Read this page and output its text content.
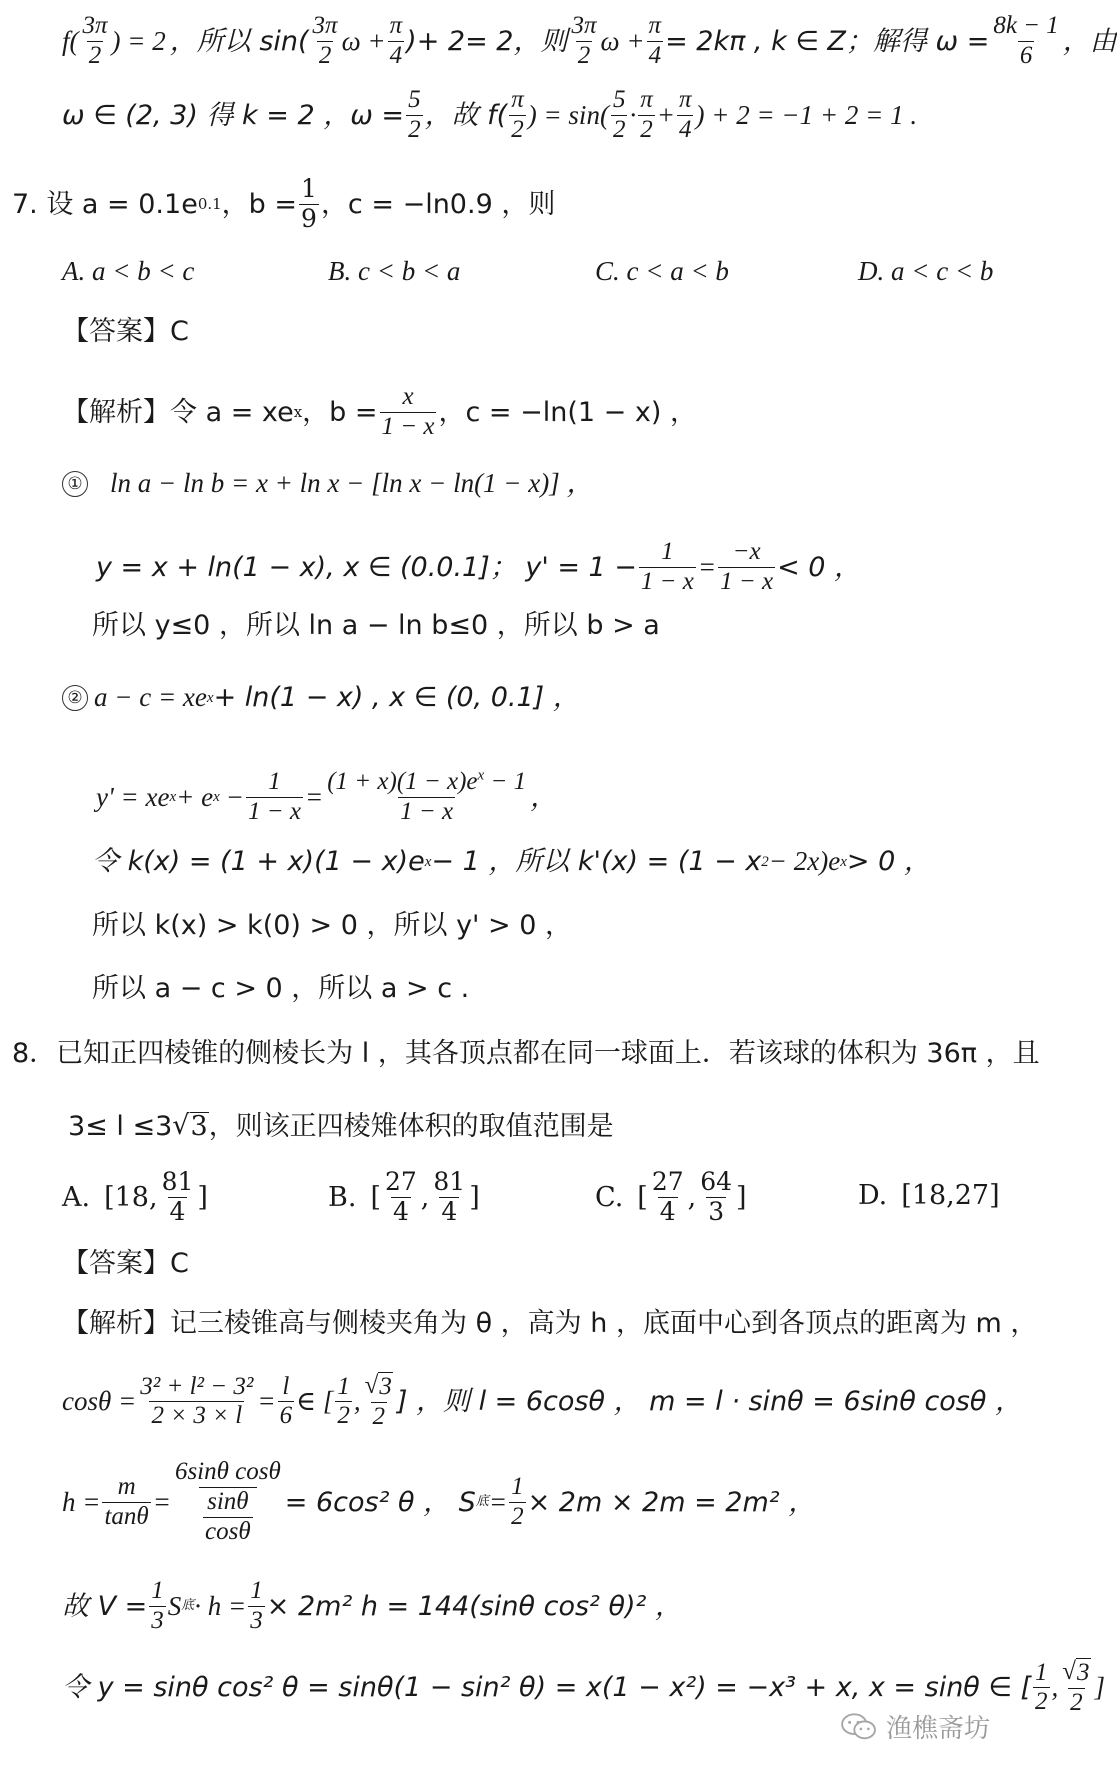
$f( \frac{3\pi}{2}$ ) = 2 ，所以 $\sin( \frac{3\pi}{2}$ $\omega + \frac{\pi}{4}$ )+ 2= 2，则 $\frac{3\pi}{2}$ $\omega + \frac{\pi}{4} = 2k\pi$ , k ∈ Z；解得 $\omega = \frac{8k - 1}{6}$ ，由
ω ∈ (2, 3) 得 k = 2 ，$\omega = \frac{5}{2}$ ，故 $f( \frac{\pi}{2}$ ) = $\sin( \frac{5}{2} \cdot \frac{\pi}{2} + \frac{\pi}{4}$ ) + 2 = −1 + 2 = 1 .
7. 设 a = 0.1e 0.1 ，$b = \frac{1}{9}$ ，c = −ln0.9 ，则
A. a < b < c	B. c < b < a	C. c < a < b	D. a < c < b
【答案】C
【解析】令 a = xe x ，$b = \frac{x}{1 - x}$ ，c = −ln(1 − x) ，
① ln a − ln b = x + ln x − [ln x − ln(1 − x)] ，
y = x + ln(1 − x), x ∈ (0.0.1]； $y' = 1 - \frac{1}{1 - x} = \frac{-x}{1 - x} < 0$ ，
所以 y≤0 ，所以 ln a − ln b≤0 ，所以 b > a
② a − c = xe x + ln(1 − x) , x ∈ (0, 0.1] ，
y' = xe x + e $x - \frac{1}{1 - x} = \frac{(1 + x)(1 - x)e^x - 1}{1 - x}$ ，
令 k(x) = (1 + x)(1 − x)e x − 1 ，所以 k'(x) = (1 − x 2 − 2x)e x > 0 ，
所以 k(x) > k(0) > 0 ，所以 y' > 0 ，
所以 a − c > 0 ，所以 a > c .
8．已知正四棱锥的侧棱长为 l ，其各顶点都在同一球面上．若该球的体积为 36π ，且
3≤ l ≤3 √ 3 ，则该正四棱雉体积的取值范围是
A. [18, $\frac{81}{4}$ ]	B. [ $\frac{27}{4}$ , $\frac{81}{4}$ ]	C. [ $\frac{27}{4}$ , $\frac{64}{3}$ ]	D. [18,27]
【答案】C
【解析】记三棱锥高与侧棱夹角为 θ ，高为 h ，底面中心到各顶点的距离为 m ，
$\cos\theta = \frac{\text{3² + l² − 3²}}{2 \times 3 \times l} = \frac{l}{6}$ ∈ [ $\frac{1}{2}$ , $\frac{√ 3}{2}$ ] ，则 l = 6cosθ ， m = l · sinθ = 6sinθ cosθ ，
$h = \frac{m}{\tan\theta} = \frac{\text{6sinθ cosθ}}{\frac{\sin\theta}{\cos\theta}} = 6\cos^2$ θ ， S 底 = $\frac{1}{2} \times 2m \times 2m = 2m^2$ ，
故 $V = \frac{1}{3}$ S 底 · $h = \frac{1}{3} \times 2m^2$ h = 144(sinθ cos² θ)² ，
令 y = sinθ cos² θ = sinθ(1 − sin² θ) = x(1 − x²) = −x³ + x, x = sinθ ∈ [ $\frac{1}{2}$ , $\frac{√ 3}{2}$ ]
渔樵斋坊
